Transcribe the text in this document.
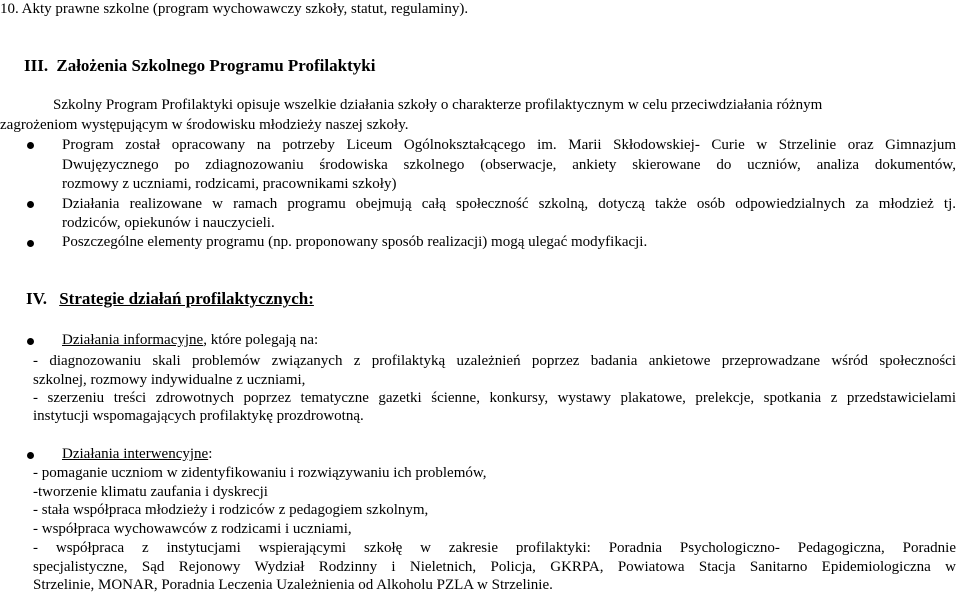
10. Akty prawne szkolne (program wychowawczy szkoły, statut, regulaminy).

III. Założenia Szkolnego Programu Profilaktyki

Szkolny Program Profilaktyki opisuje wszelkie działania szkoły o charakterze profilaktycznym w celu przeciwdziałania różnym

zagrożeniom występującym w środowisku młodzieży naszej szkoły.

Program został opracowany na potrzeby Liceum Ogólnokształcącego im. Marii Skłodowskiej- Curie w Strzelinie oraz Gimnazjum

Dwujęzycznego po zdiagnozowaniu środowiska szkolnego (obserwacje, ankiety skierowane do uczniów, analiza dokumentów,

rozmowy z uczniami, rodzicami, pracownikami szkoły)

Działania realizowane w ramach programu obejmują całą społeczność szkolną, dotyczą także osób odpowiedzialnych za młodzież tj.

rodziców, opiekunów i nauczycieli.

Poszczególne elementy programu (np. proponowany sposób realizacji) mogą ulegać modyfikacji.

IV. Strategie działań profilaktycznych:

Działania informacyjne, które polegają na:

- diagnozowaniu skali problemów związanych z profilaktyką uzależnień poprzez badania ankietowe przeprowadzane wśród społeczności

szkolnej, rozmowy indywidualne z uczniami,

- szerzeniu treści zdrowotnych poprzez tematyczne gazetki ścienne, konkursy, wystawy plakatowe, prelekcje, spotkania z przedstawicielami

instytucji wspomagających profilaktykę prozdrowotną.

Działania interwencyjne:

- pomaganie uczniom w zidentyfikowaniu i rozwiązywaniu ich problemów,

-tworzenie klimatu zaufania i dyskrecji

- stała współpraca młodzieży i rodziców z pedagogiem szkolnym,

- współpraca wychowawców z rodzicami i uczniami,

- współpraca z instytucjami wspierającymi szkołę w zakresie profilaktyki: Poradnia Psychologiczno- Pedagogiczna, Poradnie

specjalistyczne, Sąd Rejonowy Wydział Rodzinny i Nieletnich, Policja, GKRPA, Powiatowa Stacja Sanitarno Epidemiologiczna w

Strzelinie, MONAR, Poradnia Leczenia Uzależnienia od Alkoholu PZLA w Strzelinie.
